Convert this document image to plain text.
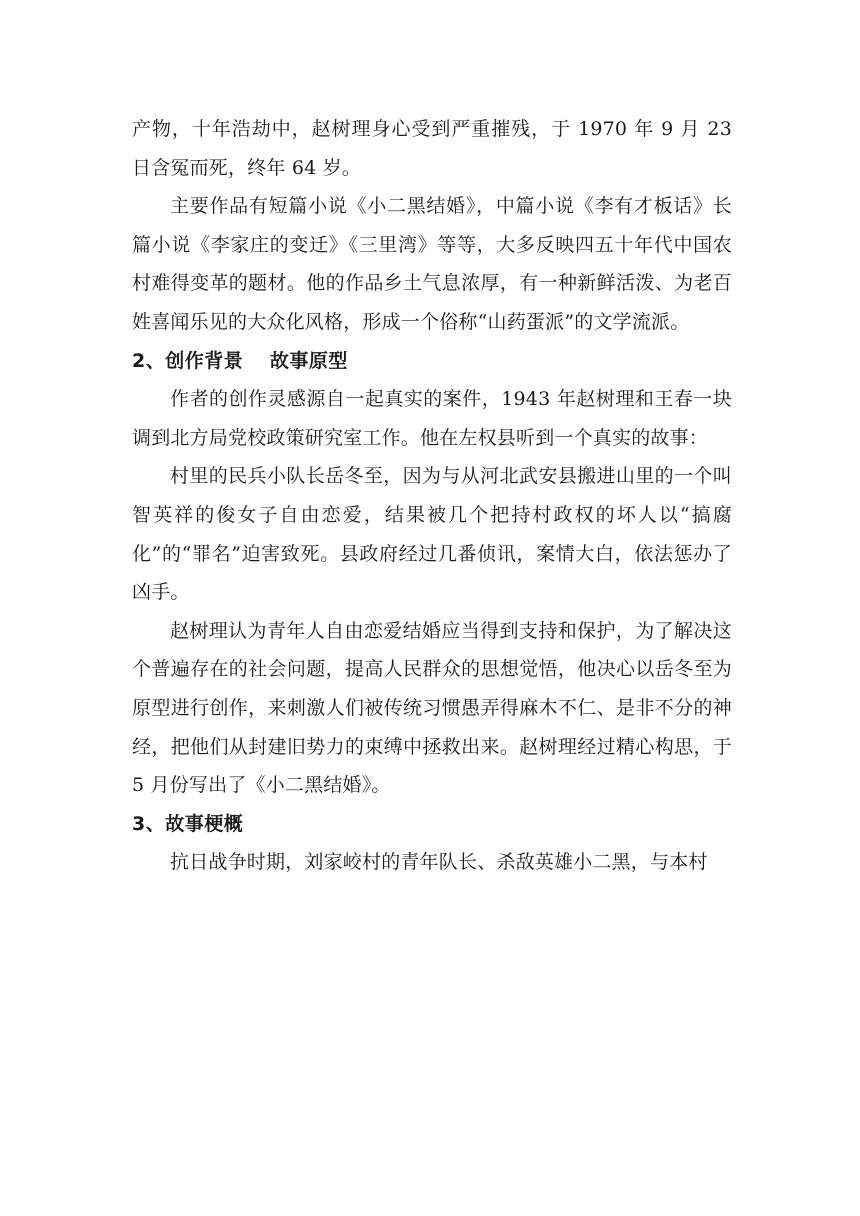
产物，十年浩劫中，赵树理身心受到严重摧残，于 1970 年 9 月 23 日含冤而死，终年 64 岁。

主要作品有短篇小说《小二黑结婚》，中篇小说《李有才板话》长篇小说《李家庄的变迁》《三里湾》等等，大多反映四五十年代中国农村难得变革的题材。他的作品乡土气息浓厚，有一种新鲜活泼、为老百姓喜闻乐见的大众化风格，形成一个俗称“山药蛋派”的文学流派。

2、创作背景 故事原型

作者的创作灵感源自一起真实的案件，1943 年赵树理和王春一块调到北方局党校政策研究室工作。他在左权县听到一个真实的故事：

村里的民兵小队长岳冬至，因为与从河北武安县搬进山里的一个叫智英祥的俊女子自由恋爱，结果被几个把持村政权的坏人以“搞腐化”的“罪名”迫害致死。县政府经过几番侦讯，案情大白，依法惩办了凶手。

赵树理认为青年人自由恋爱结婚应当得到支持和保护，为了解决这个普遍存在的社会问题，提高人民群众的思想觉悟，他决心以岳冬至为原型进行创作，来刺激人们被传统习惯愚弄得麻木不仁、是非不分的神经，把他们从封建旧势力的束缚中拯救出来。赵树理经过精心构思，于 5 月份写出了《小二黑结婚》。

3、故事梗概

抗日战争时期，刘家峧村的青年队长、杀敌英雄小二黑，与本村
